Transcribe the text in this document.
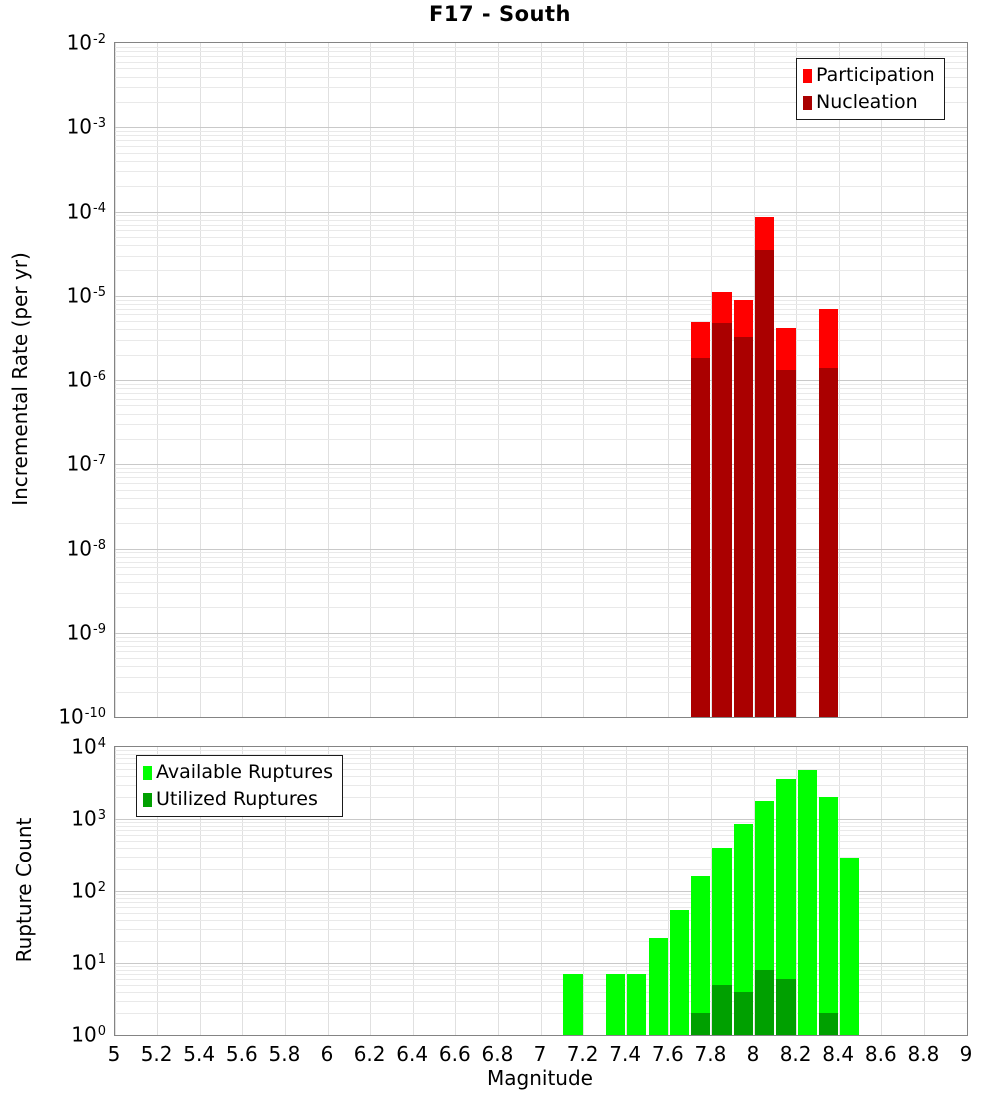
F17 - South
Incremental Rate (per yr)
Rupture Count
Magnitude
$10^{-2}$
$10^{-3}$
$10^{-4}$
$10^{-5}$
$10^{-6}$
$10^{-7}$
$10^{-8}$
$10^{-9}$
$10^{-10}$
$10^4$
$10^3$
$10^2$
$10^1$
$10^0$
5 5.2 5.4 5.6 5.8 6 6.2 6.4 6.6 6.8 7 7.2 7.4 7.6 7.8 8 8.2 8.4 8.6 8.8 9
Participation
Nucleation
Available Ruptures
Utilized Ruptures
